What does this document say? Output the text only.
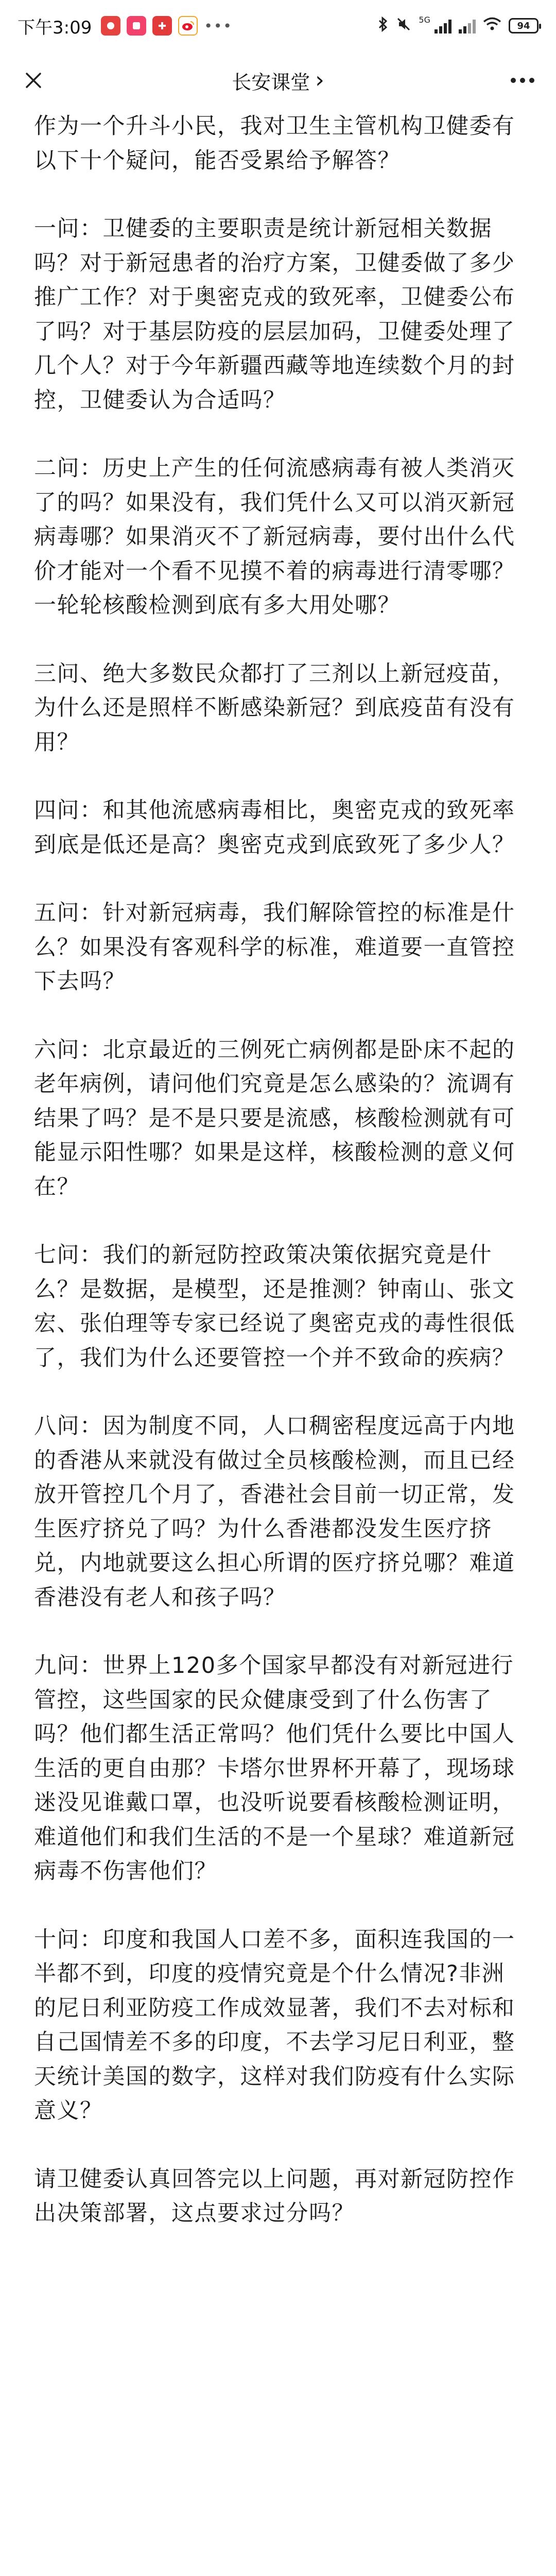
下午3:09	•••	5G
94
长安课堂 ›

作为一个升斗小民，我对卫生主管机构卫健委有以下十个疑问，能否受累给予解答？

一问：卫健委的主要职责是统计新冠相关数据吗？对于新冠患者的治疗方案，卫健委做了多少推广工作？对于奥密克戎的致死率，卫健委公布了吗？对于基层防疫的层层加码，卫健委处理了几个人？对于今年新疆西藏等地连续数个月的封控，卫健委认为合适吗？

二问：历史上产生的任何流感病毒有被人类消灭了的吗？如果没有，我们凭什么又可以消灭新冠病毒哪？如果消灭不了新冠病毒，要付出什么代价才能对一个看不见摸不着的病毒进行清零哪？一轮轮核酸检测到底有多大用处哪？

三问、绝大多数民众都打了三剂以上新冠疫苗，为什么还是照样不断感染新冠？到底疫苗有没有用？

四问：和其他流感病毒相比，奥密克戎的致死率到底是低还是高？奥密克戎到底致死了多少人？

五问：针对新冠病毒，我们解除管控的标准是什么？如果没有客观科学的标准，难道要一直管控下去吗？

六问：北京最近的三例死亡病例都是卧床不起的老年病例，请问他们究竟是怎么感染的？流调有结果了吗？是不是只要是流感，核酸检测就有可能显示阳性哪？如果是这样，核酸检测的意义何在？

七问：我们的新冠防控政策决策依据究竟是什么？是数据，是模型，还是推测？钟南山、张文宏、张伯理等专家已经说了奥密克戎的毒性很低了，我们为什么还要管控一个并不致命的疾病？

八问：因为制度不同，人口稠密程度远高于内地的香港从来就没有做过全员核酸检测，而且已经放开管控几个月了，香港社会目前一切正常，发生医疗挤兑了吗？为什么香港都没发生医疗挤兑，内地就要这么担心所谓的医疗挤兑哪？难道香港没有老人和孩子吗？

九问：世界上120多个国家早都没有对新冠进行管控，这些国家的民众健康受到了什么伤害了吗？他们都生活正常吗？他们凭什么要比中国人生活的更自由那？卡塔尔世界杯开幕了，现场球迷没见谁戴口罩，也没听说要看核酸检测证明，难道他们和我们生活的不是一个星球？难道新冠病毒不伤害他们？

十问：印度和我国人口差不多，面积连我国的一半都不到，印度的疫情究竟是个什么情况?非洲的尼日利亚防疫工作成效显著，我们不去对标和自己国情差不多的印度，不去学习尼日利亚，整天统计美国的数字，这样对我们防疫有什么实际意义？

请卫健委认真回答完以上问题，再对新冠防控作出决策部署，这点要求过分吗？
